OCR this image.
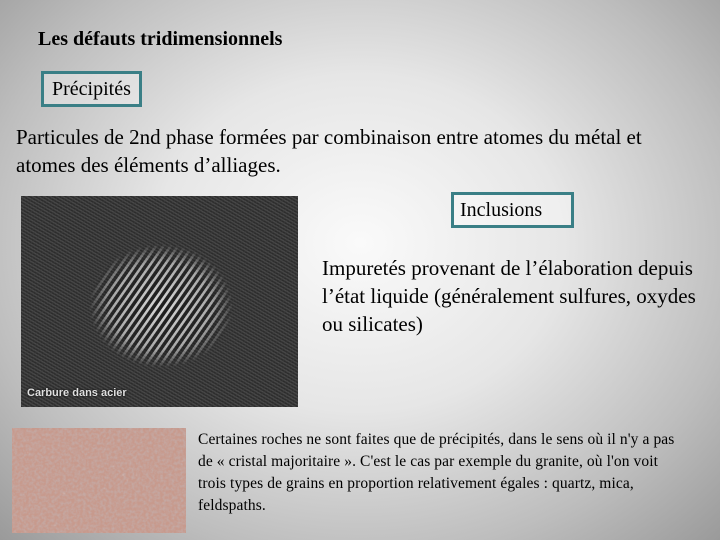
Les défauts tridimensionnels
Précipités
Particules de 2nd phase formées par combinaison entre atomes du métal et atomes des éléments d’alliages.
Carbure dans acier
Inclusions
Impuretés provenant de l’élaboration depuis l’état liquide (généralement sulfures, oxydes ou silicates)
Certaines roches ne sont faites que de précipités, dans le sens où il n'y a pas de « cristal majoritaire ». C'est le cas par exemple du granite, où l'on voit trois types de grains en proportion relativement égales : quartz, mica, feldspaths.
